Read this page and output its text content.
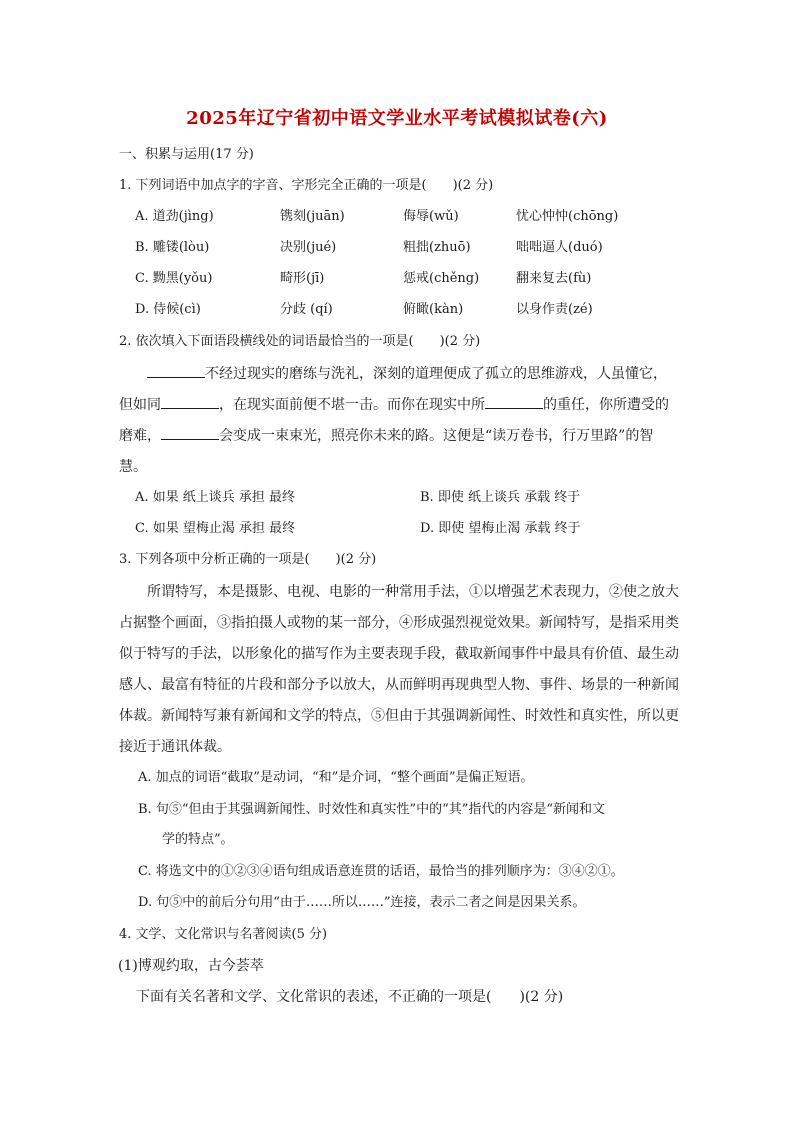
2025年辽宁省初中语文学业水平考试模拟试卷(六)
一、积累与运用(17 分)
1. 下列词语中加点字的字音、字形完全正确的一项是(　　)(2 分)
A. 道劲(jìng)	镌刻(juān)	侮辱(wǔ)	忧心忡忡(chōng)
B. 雕镂(lòu)	决别(jué)	粗拙(zhuō)	咄咄逼人(duó)
C. 黝黑(yǒu)	畸形(jī)	惩戒(chěng)	翻来复去(fù)
D. 侍候(cì)	分歧 (qí)	俯瞰(kàn)	以身作责(zé)
2. 依次填入下面语段横线处的词语最恰当的一项是(　　)(2 分)
不经过现实的磨练与洗礼，深刻的道理便成了孤立的思维游戏，人虽懂它，
但如同	，在现实面前便不堪一击。而你在现实中所	的重任，你所遭受的
磨难，	会变成一束束光，照亮你未来的路。这便是“读万卷书，行万里路”的智
慧。
A. 如果 纸上谈兵 承担 最终	B. 即使 纸上谈兵 承载 终于
C. 如果 望梅止渴 承担 最终	D. 即使 望梅止渴 承载 终于
3. 下列各项中分析正确的一项是(　　)(2 分)
所谓特写，本是摄影、电视、电影的一种常用手法，①以增强艺术表现力，②使之放大
占据整个画面，③指拍摄人或物的某一部分，④形成强烈视觉效果。新闻特写，是指采用类
似于特写的手法，以形象化的描写作为主要表现手段，截取新闻事件中最具有价值、最生动
感人、最富有特征的片段和部分予以放大，从而鲜明再现典型人物、事件、场景的一种新闻
体裁。新闻特写兼有新闻和文学的特点，⑤但由于其强调新闻性、时效性和真实性，所以更
接近于通讯体裁。
A. 加点的词语“截取”是动词，“和”是介词，“整个画面”是偏正短语。
B. 句⑤“但由于其强调新闻性、时效性和真实性”中的“其”指代的内容是“新闻和文
学的特点”。
C. 将选文中的①②③④语句组成语意连贯的话语，最恰当的排列顺序为：③④②①。
D. 句⑤中的前后分句用“由于……所以……”连接，表示二者之间是因果关系。
4. 文学、文化常识与名著阅读(5 分)
(1)博观约取，古今荟萃
下面有关名著和文学、文化常识的表述，不正确的一项是(　　)(2 分)
